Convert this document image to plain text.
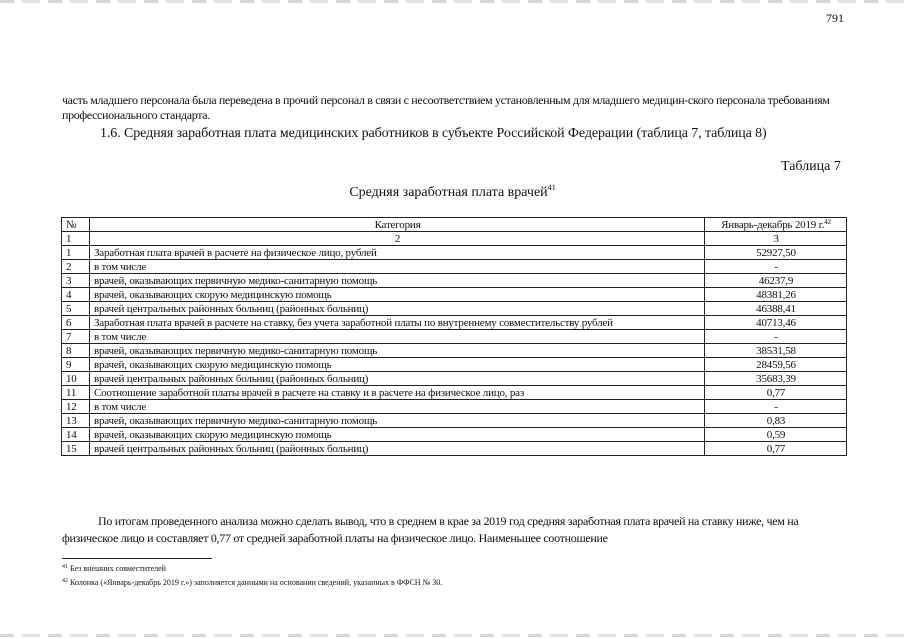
791
часть младшего персонала была переведена в прочий персонал в связи с несоответствием установленным для младшего медицин-ского персонала требованиям профессионального стандарта.
1.6. Средняя заработная плата медицинских работников в субъекте Российской Федерации (таблица 7, таблица 8)
Таблица 7
Средняя заработная плата врачей$^{41}$
№	Категория	Январь-декабрь 2019 г.$^{42}$
1	2	3
1	Заработная плата врачей в расчете на физическое лицо, рублей	52927,50
2	в том числе	-
3	врачей, оказывающих первичную медико-санитарную помощь	46237,9
4	врачей, оказывающих скорую медицинскую помощь	48381,26
5	врачей центральных районных больниц (районных больниц)	46388,41
6	Заработная плата врачей в расчете на ставку, без учета заработной платы по внутреннему совместительству рублей	40713,46
7	в том числе	-
8	врачей, оказывающих первичную медико-санитарную помощь	38531,58
9	врачей, оказывающих скорую медицинскую помощь	28459,56
10	врачей центральных районных больниц (районных больниц)	35683,39
11	Соотношение заработной платы врачей в расчете на ставку и в расчете на физическое лицо, раз	0,77
12	в том числе	-
13	врачей, оказывающих первичную медико-санитарную помощь	0,83
14	врачей, оказывающих скорую медицинскую помощь	0,59
15	врачей центральных районных больниц (районных больниц)	0,77
По итогам проведенного анализа можно сделать вывод, что в среднем в крае за 2019 год средняя заработная плата врачей на ставку ниже, чем на физическое лицо и составляет 0,77 от средней заработной платы на физическое лицо. Наименьшее соотношение
$^{41}$ Без внешних совместителей
$^{42}$ Колонка («Январь-декабрь 2019 г.») заполняется данными на основании сведений, указанных в ФФСН № 30.
